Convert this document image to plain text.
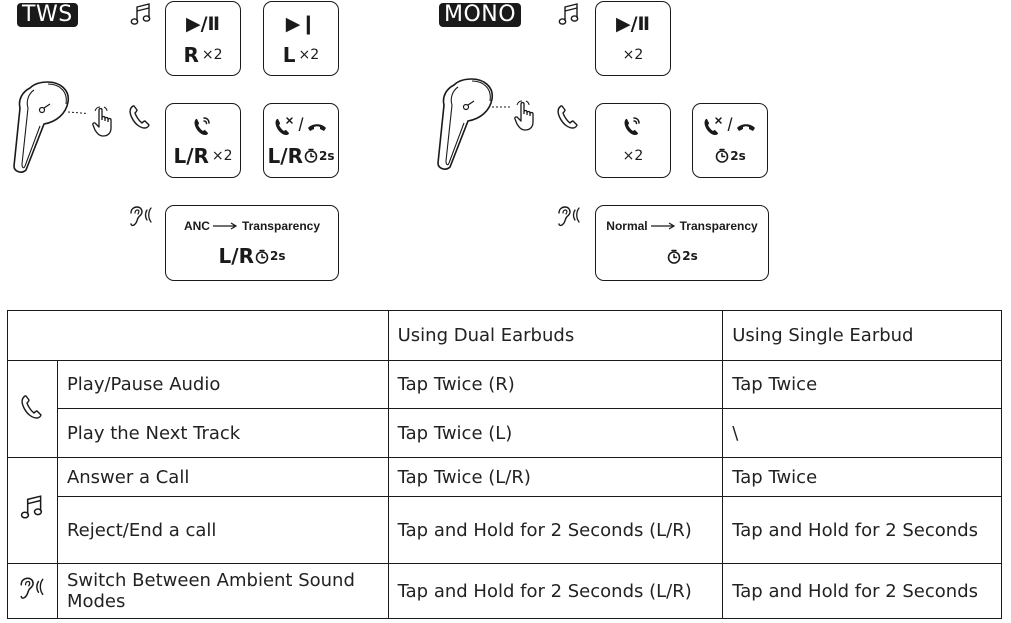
TWS	▶/Ⅱ
R ×2
▶❙
L ×2
L/R ×2
/
L/R 2s
ANC	Transparency
L/R 2s
MONO	▶/Ⅱ
×2
×2
/
2s
Normal	Transparency
2s
		Using Dual Earbuds	Using Single Earbud
	Play/Pause Audio	Tap Twice (R)	Tap Twice
	Play the Next Track	Tap Twice (L)	\
	Answer a Call	Tap Twice (L/R)	Tap Twice
	Reject/End a call	Tap and Hold for 2 Seconds (L/R)	Tap and Hold for 2 Seconds
	Switch Between Ambient Sound Modes	Tap and Hold for 2 Seconds (L/R)	Tap and Hold for 2 Seconds
